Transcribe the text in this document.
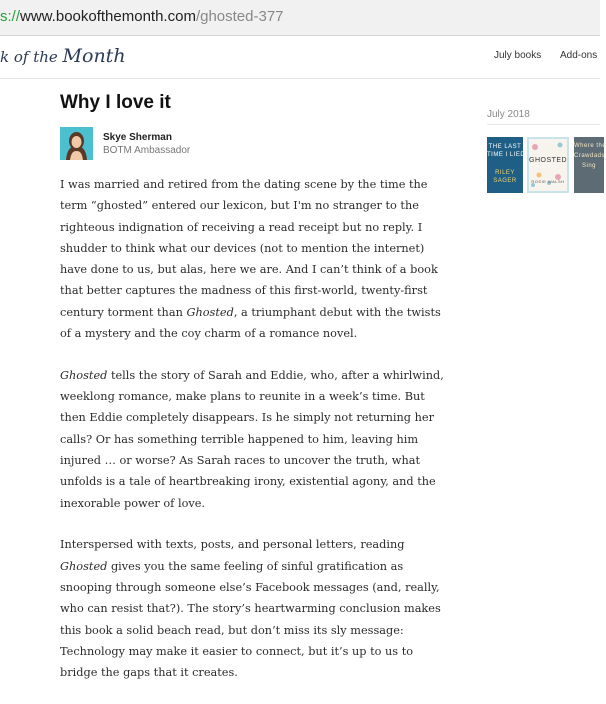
s://www.bookofthemonth.com/ghosted-377
k of the Month	July books Add-ons
Why I love it
Skye Sherman
BOTM Ambassador

I was married and retired from the dating scene by the time the term “ghosted” entered our lexicon, but I'm no stranger to the righteous indignation of receiving a read receipt but no reply. I shudder to think what our devices (not to mention the internet) have done to us, but alas, here we are. And I can’t think of a book that better captures the madness of this first-world, twenty-first century torment than Ghosted, a triumphant debut with the twists of a mystery and the coy charm of a romance novel.

Ghosted tells the story of Sarah and Eddie, who, after a whirlwind, weeklong romance, make plans to reunite in a week’s time. But then Eddie completely disappears. Is he simply not returning her calls? Or has something terrible happened to him, leaving him injured … or worse? As Sarah races to uncover the truth, what unfolds is a tale of heartbreaking irony, existential agony, and the inexorable power of love.

Interspersed with texts, posts, and personal letters, reading Ghosted gives you the same feeling of sinful gratification as snooping through someone else’s Facebook messages (and, really, who can resist that?). The story’s heartwarming conclusion makes this book a solid beach read, but don’t miss its sly message: Technology may make it easier to connect, but it’s up to us to bridge the gaps that it creates.

July 2018
THE LAST
TIME I LIED
RILEY
SAGER
GHOSTED
ROSIE WALSH
Where the
Crawdads
Sing
